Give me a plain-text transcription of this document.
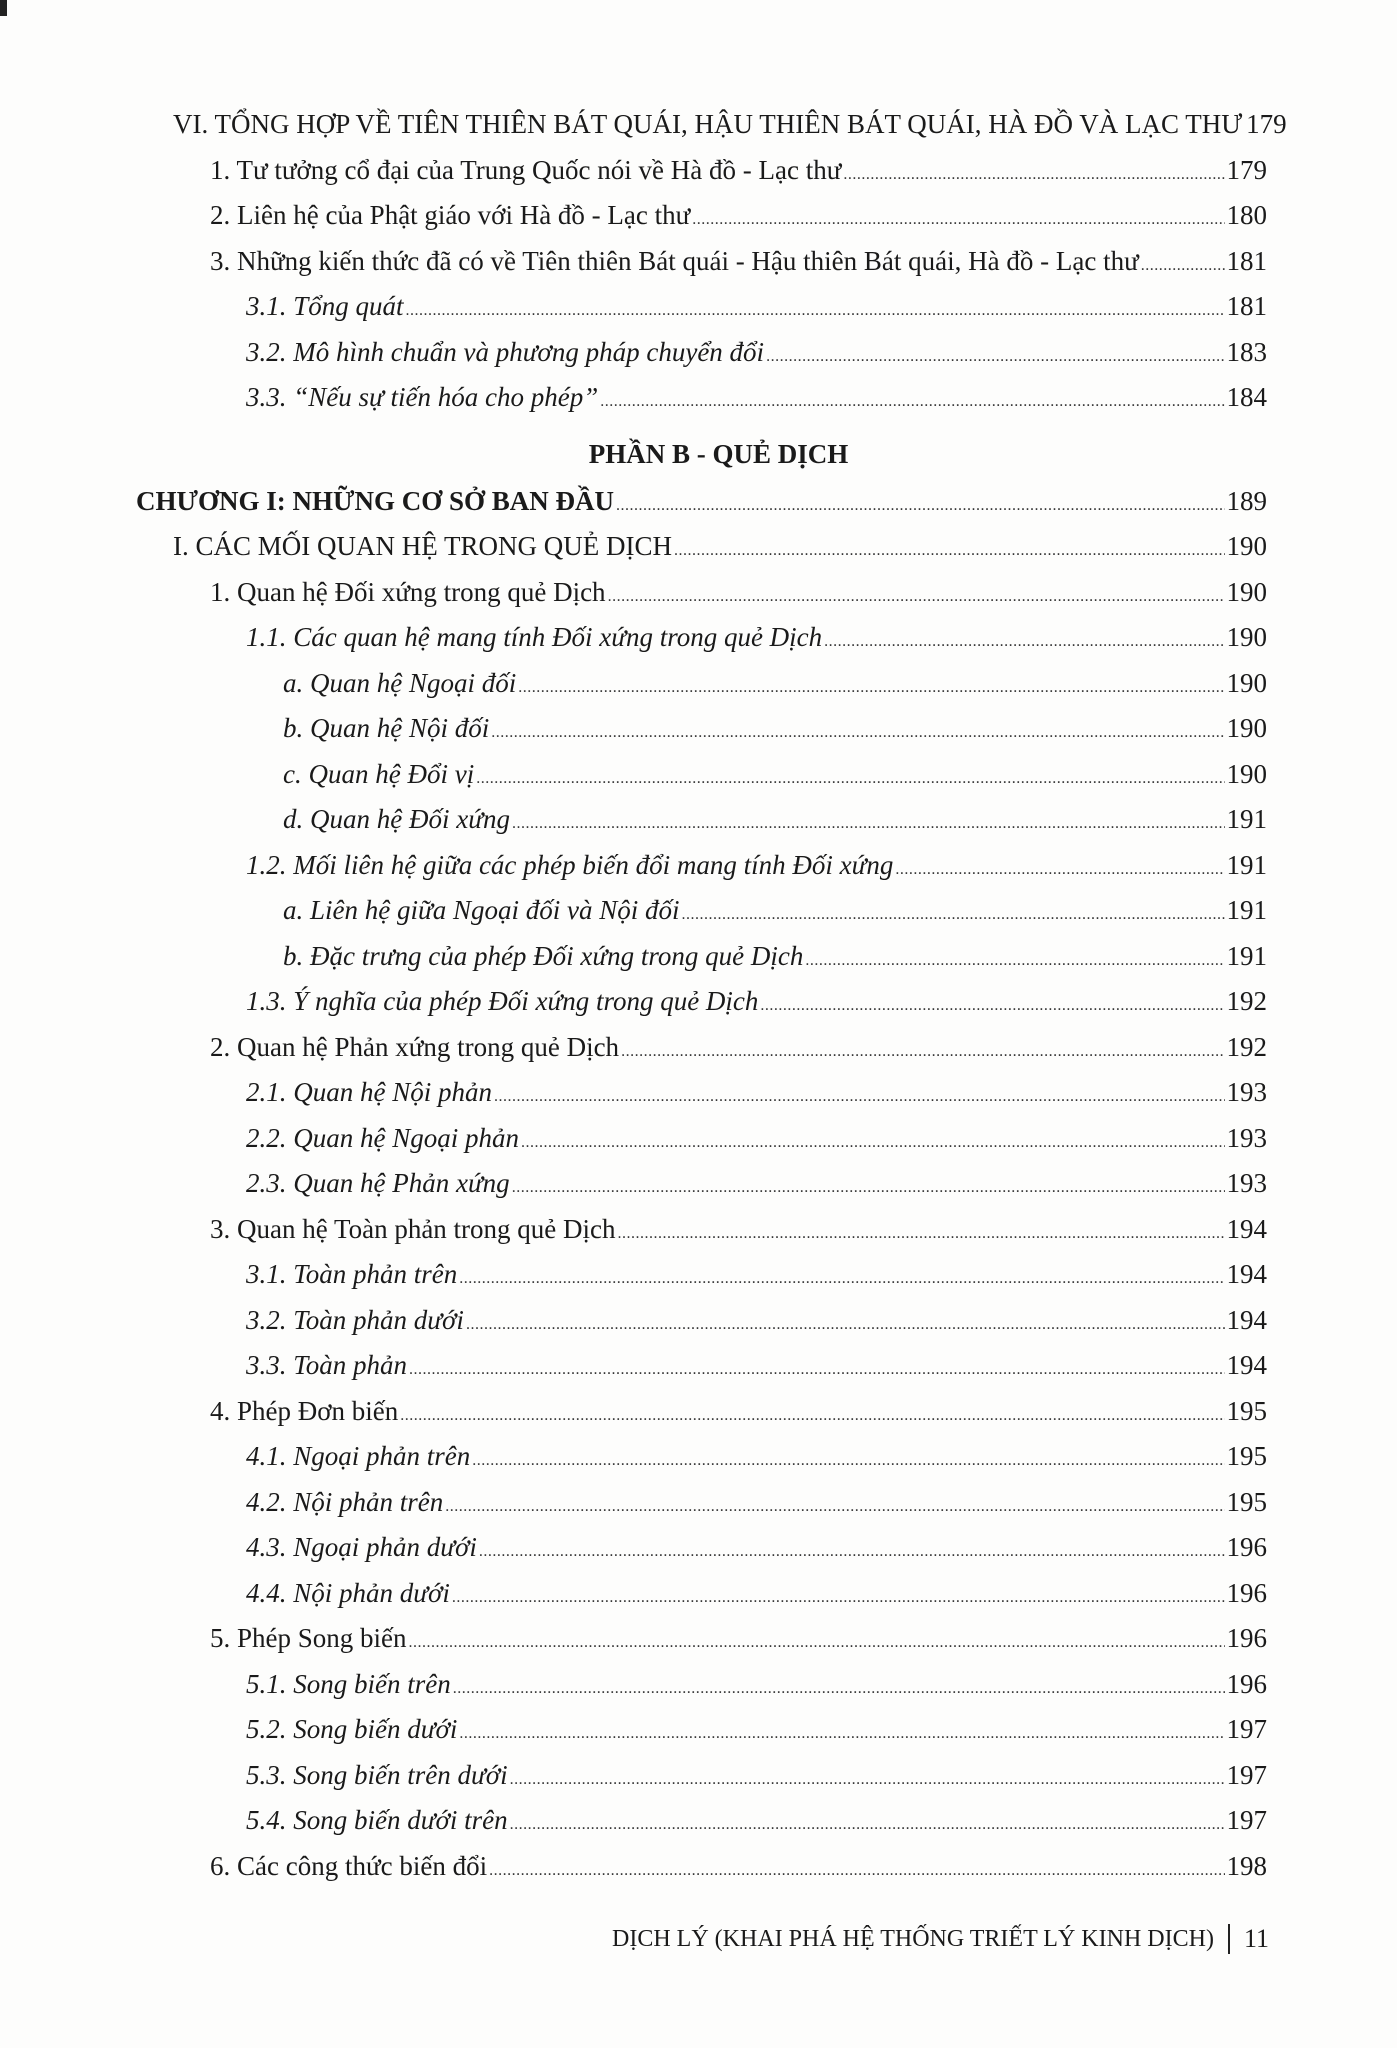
VI. TỔNG HỢP VỀ TIÊN THIÊN BÁT QUÁI, HẬU THIÊN BÁT QUÁI, HÀ ĐỒ VÀ LẠC THƯ 179
1. Tư tưởng cổ đại của Trung Quốc nói về Hà đồ - Lạc thư .....	179
2. Liên hệ của Phật giáo với Hà đồ - Lạc thư .....	180
3. Những kiến thức đã có về Tiên thiên Bát quái - Hậu thiên Bát quái, Hà đồ - Lạc thư .....	181
3.1. Tổng quát .....	181
3.2. Mô hình chuẩn và phương pháp chuyển đổi .....	183
3.3. “Nếu sự tiến hóa cho phép” .....	184
PHẦN B - QUẺ DỊCH
CHƯƠNG I: NHỮNG CƠ SỞ BAN ĐẦU .....	189
I. CÁC MỐI QUAN HỆ TRONG QUẺ DỊCH .....	190
1. Quan hệ Đối xứng trong quẻ Dịch .....	190
1.1. Các quan hệ mang tính Đối xứng trong quẻ Dịch .....	190
a. Quan hệ Ngoại đối .....	190
b. Quan hệ Nội đối .....	190
c. Quan hệ Đổi vị .....	190
d. Quan hệ Đối xứng .....	191
1.2. Mối liên hệ giữa các phép biến đổi mang tính Đối xứng .....	191
a. Liên hệ giữa Ngoại đối và Nội đối .....	191
b. Đặc trưng của phép Đối xứng trong quẻ Dịch .....	191
1.3. Ý nghĩa của phép Đối xứng trong quẻ Dịch .....	192
2. Quan hệ Phản xứng trong quẻ Dịch .....	192
2.1. Quan hệ Nội phản .....	193
2.2. Quan hệ Ngoại phản .....	193
2.3. Quan hệ Phản xứng .....	193
3. Quan hệ Toàn phản trong quẻ Dịch .....	194
3.1. Toàn phản trên .....	194
3.2. Toàn phản dưới .....	194
3.3. Toàn phản .....	194
4. Phép Đơn biến .....	195
4.1. Ngoại phản trên .....	195
4.2. Nội phản trên .....	195
4.3. Ngoại phản dưới .....	196
4.4. Nội phản dưới .....	196
5. Phép Song biến .....	196
5.1. Song biến trên .....	196
5.2. Song biến dưới .....	197
5.3. Song biến trên dưới .....	197
5.4. Song biến dưới trên .....	197
6. Các công thức biến đổi .....	198
DỊCH LÝ (KHAI PHÁ HỆ THỐNG TRIẾT LÝ KINH DỊCH) 11
